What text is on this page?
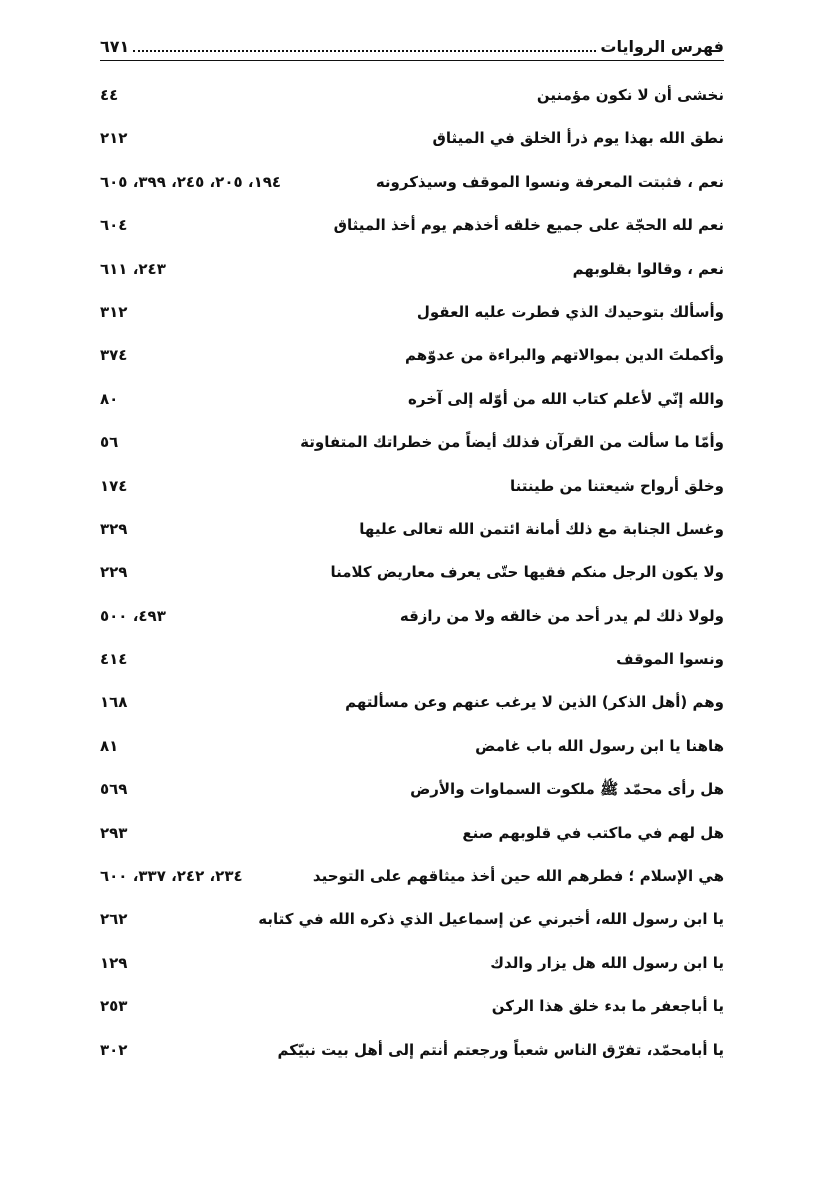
فهرس الروايات
٦٧١
نخشى أن لا نكون مؤمنين
٤٤
نطق الله بهذا يوم ذرأ الخلق في الميثاق
٢١٢
نعم ، فثبتت المعرفة ونسوا الموقف وسيذكرونه
١٩٤، ٢٠٥، ٢٤٥، ٣٩٩، ٦٠٥
نعم لله الحجّة على جميع خلقه أخذهم يوم أخذ الميثاق
٦٠٤
نعم ، وقالوا بقلوبهم
٢٤٣، ٦١١
وأسألك بتوحيدك الذي فطرت عليه العقول
٣١٢
وأكملتَ الدين بموالاتهم والبراءة من عدوّهم
٣٧٤
والله إنّي لأعلم كتاب الله من أوّله إلى آخره
٨٠
وأمّا ما سألت من القرآن فذلك أيضاً من خطراتك المتفاوتة
٥٦
وخلق أرواح شيعتنا من طينتنا
١٧٤
وغسل الجنابة مع ذلك أمانة ائتمن الله تعالى عليها
٣٢٩
ولا يكون الرجل منكم فقيها حتّى يعرف معاريض كلامنا
٢٢٩
ولولا ذلك لم يدر أحد من خالقه ولا من رازقه
٤٩٣، ٥٠٠
ونسوا الموقف
٤١٤
وهم (أهل الذكر) الذين لا يرغب عنهم وعن مسألتهم
١٦٨
هاهنا يا ابن رسول الله باب غامض
٨١
هل رأى محمّد ﷺ ملكوت السماوات والأرض
٥٦٩
هل لهم في ماكتب في قلوبهم صنع
٢٩٣
هي الإسلام ؛ فطرهم الله حين أخذ ميثاقهم على التوحيد
٢٣٤، ٢٤٢، ٣٣٧، ٦٠٠
يا ابن رسول الله، أخبرني عن إسماعيل الذي ذكره الله في كتابه
٢٦٢
يا ابن رسول الله هل يزار والدك
١٢٩
يا أباجعفر ما بدء خلق هذا الركن
٢٥٣
يا أبامحمّد، تفرّق الناس شعباً ورجعتم أنتم إلى أهل بيت نبيّكم
٣٠٢
